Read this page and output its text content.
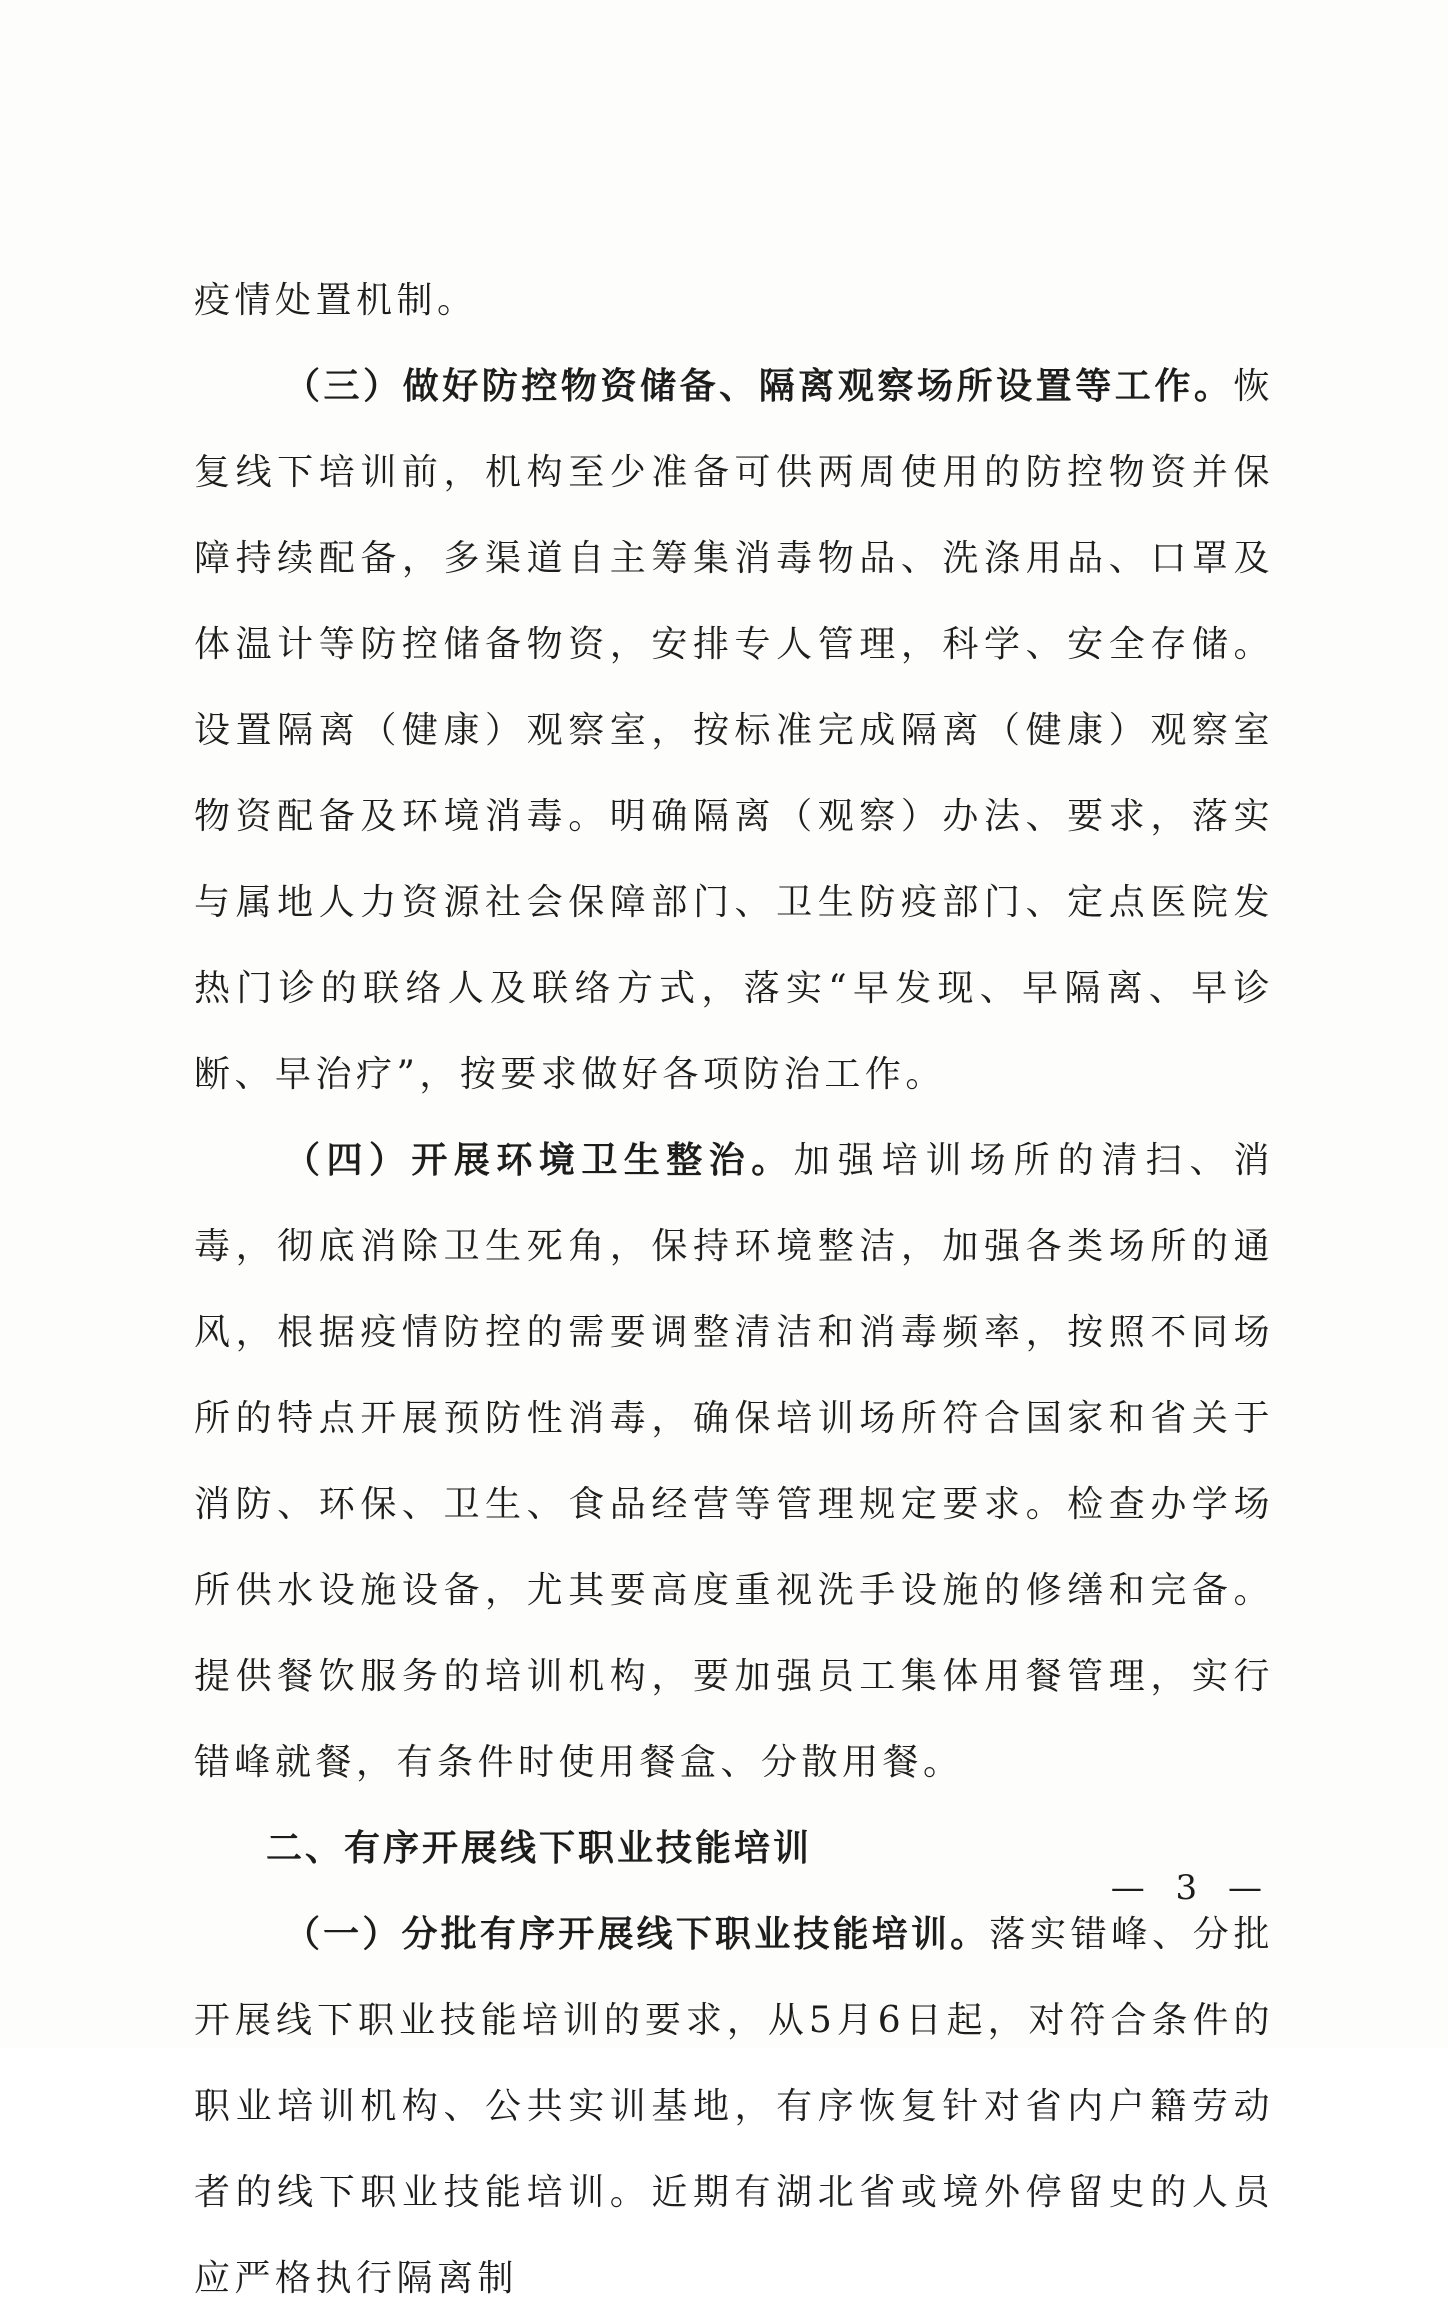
疫情处置机制。

（三）做好防控物资储备、隔离观察场所设置等工作。恢复线下培训前，机构至少准备可供两周使用的防控物资并保障持续配备，多渠道自主筹集消毒物品、洗涤用品、口罩及体温计等防控储备物资，安排专人管理，科学、安全存储。设置隔离（健康）观察室，按标准完成隔离（健康）观察室物资配备及环境消毒。明确隔离（观察）办法、要求，落实与属地人力资源社会保障部门、卫生防疫部门、定点医院发热门诊的联络人及联络方式，落实“早发现、早隔离、早诊断、早治疗”，按要求做好各项防治工作。

（四）开展环境卫生整治。加强培训场所的清扫、消毒，彻底消除卫生死角，保持环境整洁，加强各类场所的通风，根据疫情防控的需要调整清洁和消毒频率，按照不同场所的特点开展预防性消毒，确保培训场所符合国家和省关于消防、环保、卫生、食品经营等管理规定要求。检查办学场所供水设施设备，尤其要高度重视洗手设施的修缮和完备。提供餐饮服务的培训机构，要加强员工集体用餐管理，实行错峰就餐，有条件时使用餐盒、分散用餐。

二、有序开展线下职业技能培训

（一）分批有序开展线下职业技能培训。落实错峰、分批开展线下职业技能培训的要求，从5月6日起，对符合条件的职业培训机构、公共实训基地，有序恢复针对省内户籍劳动者的线下职业技能培训。近期有湖北省或境外停留史的人员应严格执行隔离制

— 3 —
